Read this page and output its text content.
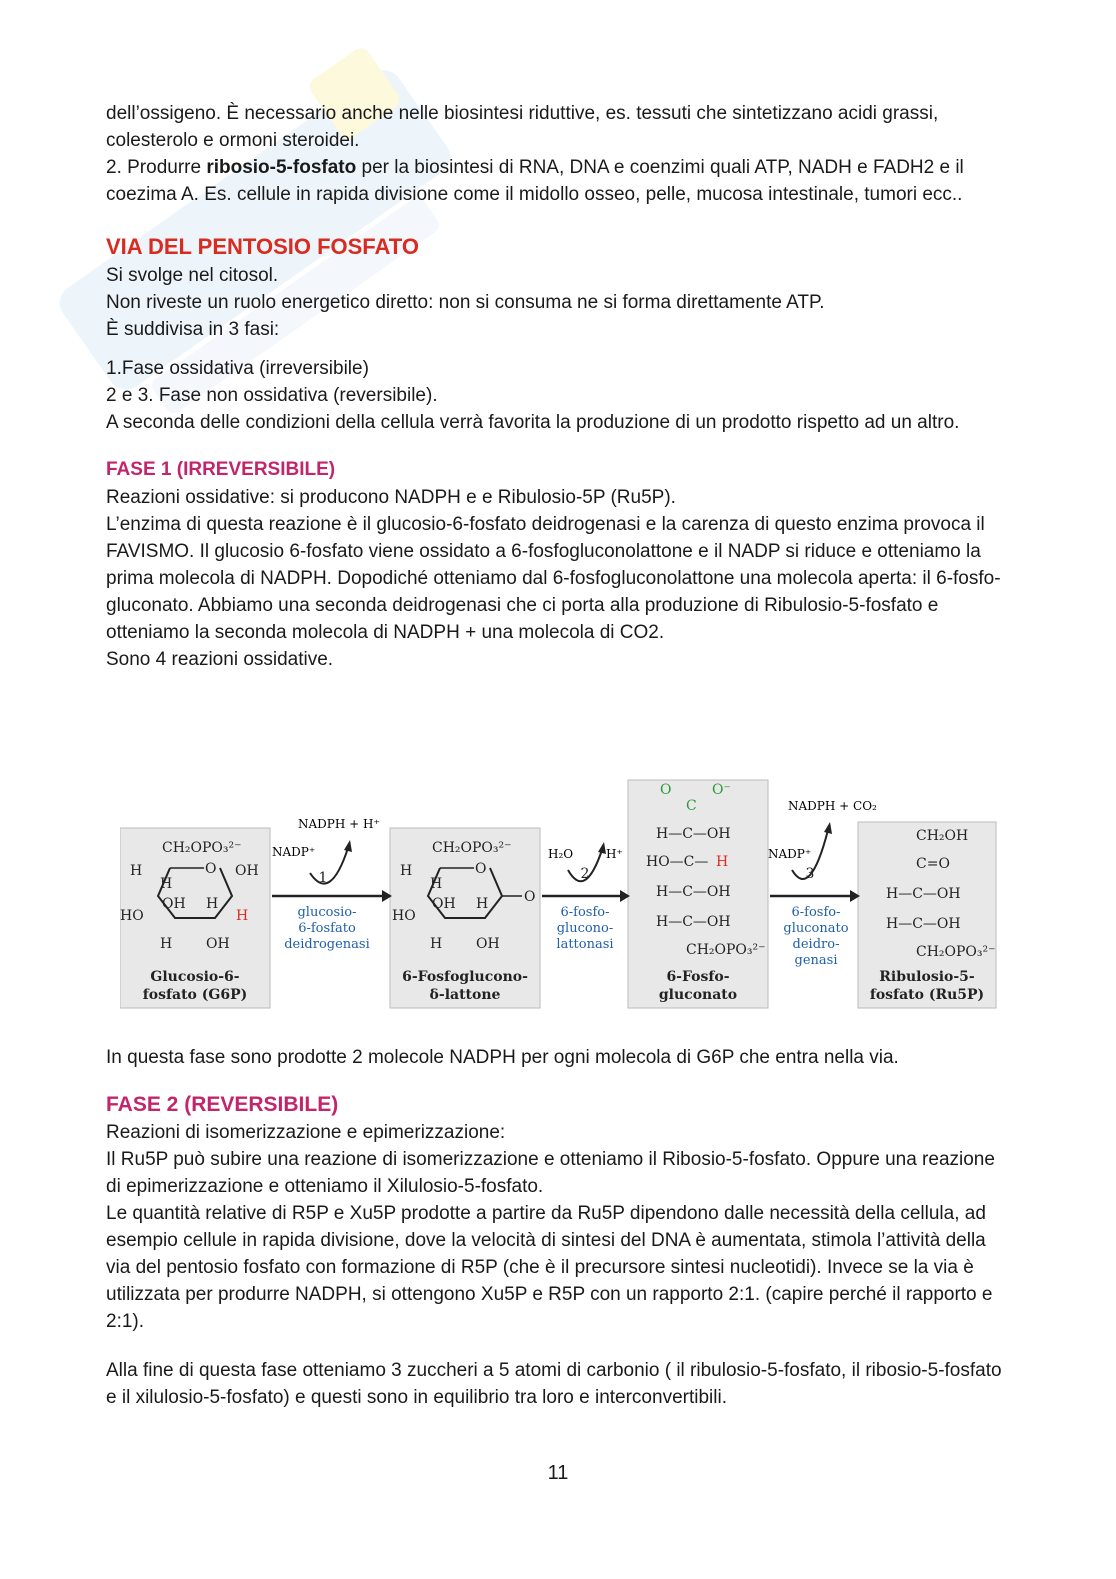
dell’ossigeno. È necessario anche nelle biosintesi riduttive, es. tessuti che sintetizzano acidi grassi, colesterolo e ormoni steroidei.

2. Produrre ribosio-5-fosfato per la biosintesi di RNA, DNA e coenzimi quali ATP, NADH e FADH2 e il coezima A. Es. cellule in rapida divisione come il midollo osseo, pelle, mucosa intestinale, tumori ecc..

VIA DEL PENTOSIO FOSFATO

Si svolge nel citosol.

Non riveste un ruolo energetico diretto: non si consuma ne si forma direttamente ATP.

È suddivisa in 3 fasi:

1.Fase ossidativa (irreversibile)

2 e 3. Fase non ossidativa (reversibile).

A seconda delle condizioni della cellula verrà favorita la produzione di un prodotto rispetto ad un altro.

FASE 1 (IRREVERSIBILE)

Reazioni ossidative: si producono NADPH e e Ribulosio-5P (Ru5P).

L’enzima di questa reazione è il glucosio-6-fosfato deidrogenasi e la carenza di questo enzima provoca il FAVISMO. Il glucosio 6-fosfato viene ossidato a 6-fosfogluconolattone e il NADP si riduce e otteniamo la prima molecola di NADPH. Dopodiché otteniamo dal 6-fosfogluconolattone una molecola aperta: il 6-fosfo-gluconato. Abbiamo una seconda deidrogenasi che ci porta alla produzione di Ribulosio-5-fosfato e otteniamo la seconda molecola di NADPH + una molecola di CO2.

Sono 4 reazioni ossidative.

CH₂OPO₃²⁻
O
H
H
OH
HO
OH H
H
H OH
Glucosio-6-
fosfato (G6P)
1
NADP⁺
NADPH + H⁺
glucosio-
6-fosfato
deidrogenasi
CH₂OPO₃²⁻
O
O
H
H
HO
OH H
H OH
6-Fosfoglucono-
δ-lattone
2
H₂O	H⁺
6-fosfo-
glucono-
lattonasi
O	O⁻
C
H—C—OH
HO—C— H
H—C—OH
H—C—OH
CH₂OPO₃²⁻
6-Fosfo-
gluconato
3
NADP⁺
NADPH + CO₂
6-fosfo-
gluconato
deidro-
genasi
CH₂OH
C=O
H—C—OH
H—C—OH
CH₂OPO₃²⁻
Ribulosio-5-
fosfato (Ru5P)

In questa fase sono prodotte 2 molecole NADPH per ogni molecola di G6P che entra nella via.

FASE 2 (REVERSIBILE)

Reazioni di isomerizzazione e epimerizzazione:

Il Ru5P può subire una reazione di isomerizzazione e otteniamo il Ribosio-5-fosfato. Oppure una reazione di epimerizzazione e otteniamo il Xilulosio-5-fosfato.

Le quantità relative di R5P e Xu5P prodotte a partire da Ru5P dipendono dalle necessità della cellula, ad esempio cellule in rapida divisione, dove la velocità di sintesi del DNA è aumentata, stimola l’attività della via del pentosio fosfato con formazione di R5P (che è il precursore sintesi nucleotidi). Invece se la via è utilizzata per produrre NADPH, si ottengono Xu5P e R5P con un rapporto 2:1. (capire perché il rapporto e 2:1).

Alla fine di questa fase otteniamo 3 zuccheri a 5 atomi di carbonio ( il ribulosio-5-fosfato, il ribosio-5-fosfato e il xilulosio-5-fosfato) e questi sono in equilibrio tra loro e interconvertibili.

11
